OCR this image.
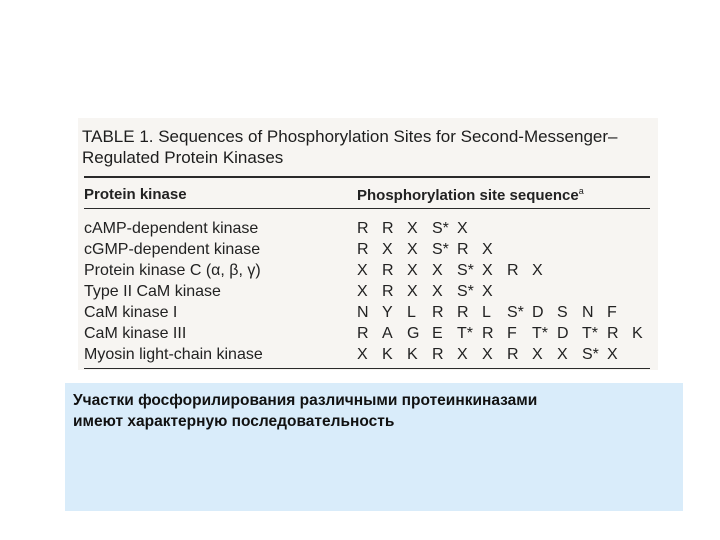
TABLE 1. Sequences of Phosphorylation Sites for Second-Messenger–
Regulated Protein Kinases
Protein kinase	Phosphorylation site sequence$^a$
cAMP-dependent kinase	R R X S* X
cGMP-dependent kinase	R X X S* R X
Protein kinase C (α, β, γ)	X R X X S* X R X
Type II CaM kinase	X R X X S* X
CaM kinase I	N Y L R R L S* D S N F
CaM kinase III	R A G E T* R F T* D T* R K
Myosin light-chain kinase	X K K R X X R X X S* X
Участки фосфорилирования различными протеинкиназами
имеют характерную последовательность
